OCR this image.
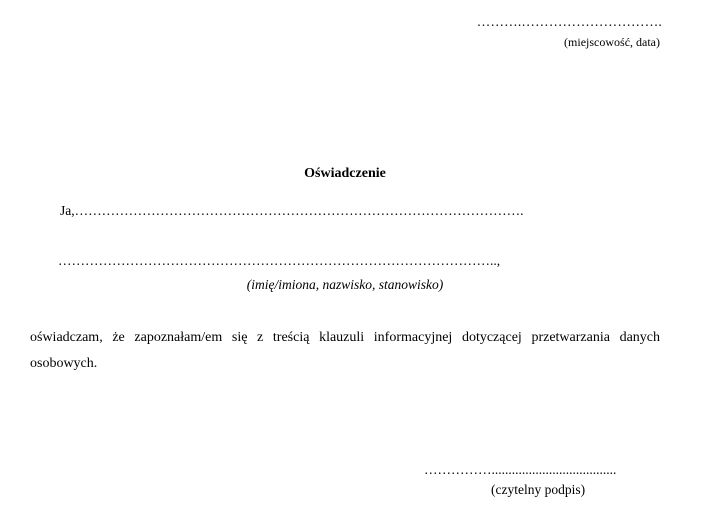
……….………………………….
(miejscowość, data)
Oświadczenie
Ja,……………………………………………………………………………………….
……………………………………………………………………………………..,
(imię/imiona, nazwisko, stanowisko)

oświadczam, że zapoznałam/em się z treścią klauzuli informacyjnej dotyczącej przetwarzania danych osobowych.

…………….....................................
(czytelny podpis)
